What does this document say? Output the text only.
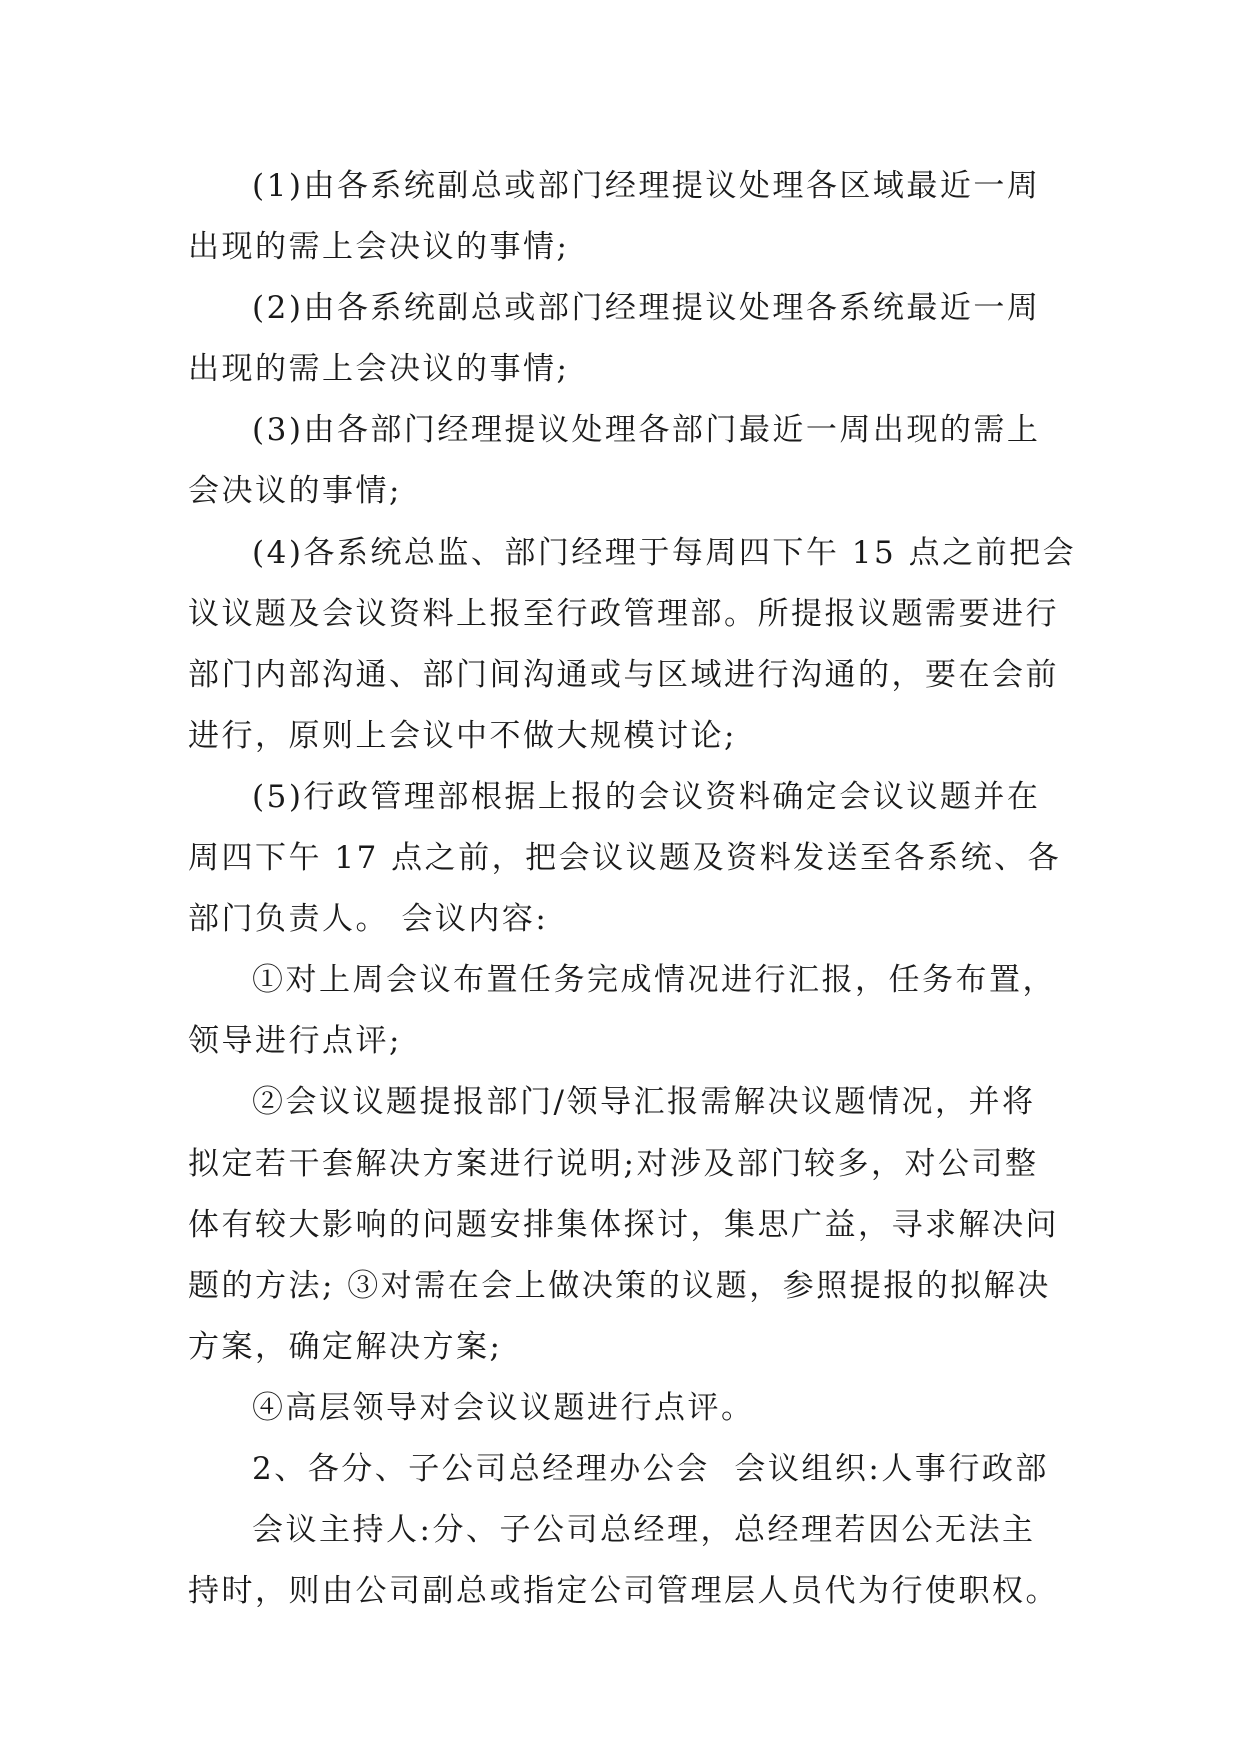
(1)由各系统副总或部门经理提议处理各区域最近一周
出现的需上会决议的事情;
(2)由各系统副总或部门经理提议处理各系统最近一周
出现的需上会决议的事情;
(3)由各部门经理提议处理各部门最近一周出现的需上
会决议的事情;
(4)各系统总监、部门经理于每周四下午 15 点之前把会
议议题及会议资料上报至行政管理部。所提报议题需要进行
部门内部沟通、部门间沟通或与区域进行沟通的，要在会前
进行，原则上会议中不做大规模讨论;
(5)行政管理部根据上报的会议资料确定会议议题并在
周四下午 17 点之前，把会议议题及资料发送至各系统、各
部门负责人。 会议内容:
①对上周会议布置任务完成情况进行汇报，任务布置，
领导进行点评;
②会议议题提报部门/领导汇报需解决议题情况，并将
拟定若干套解决方案进行说明;对涉及部门较多，对公司整
体有较大影响的问题安排集体探讨，集思广益，寻求解决问
题的方法; ③对需在会上做决策的议题，参照提报的拟解决
方案，确定解决方案;
④高层领导对会议议题进行点评。
2、各分、子公司总经理办公会  会议组织:人事行政部
会议主持人:分、子公司总经理，总经理若因公无法主
持时，则由公司副总或指定公司管理层人员代为行使职权。
